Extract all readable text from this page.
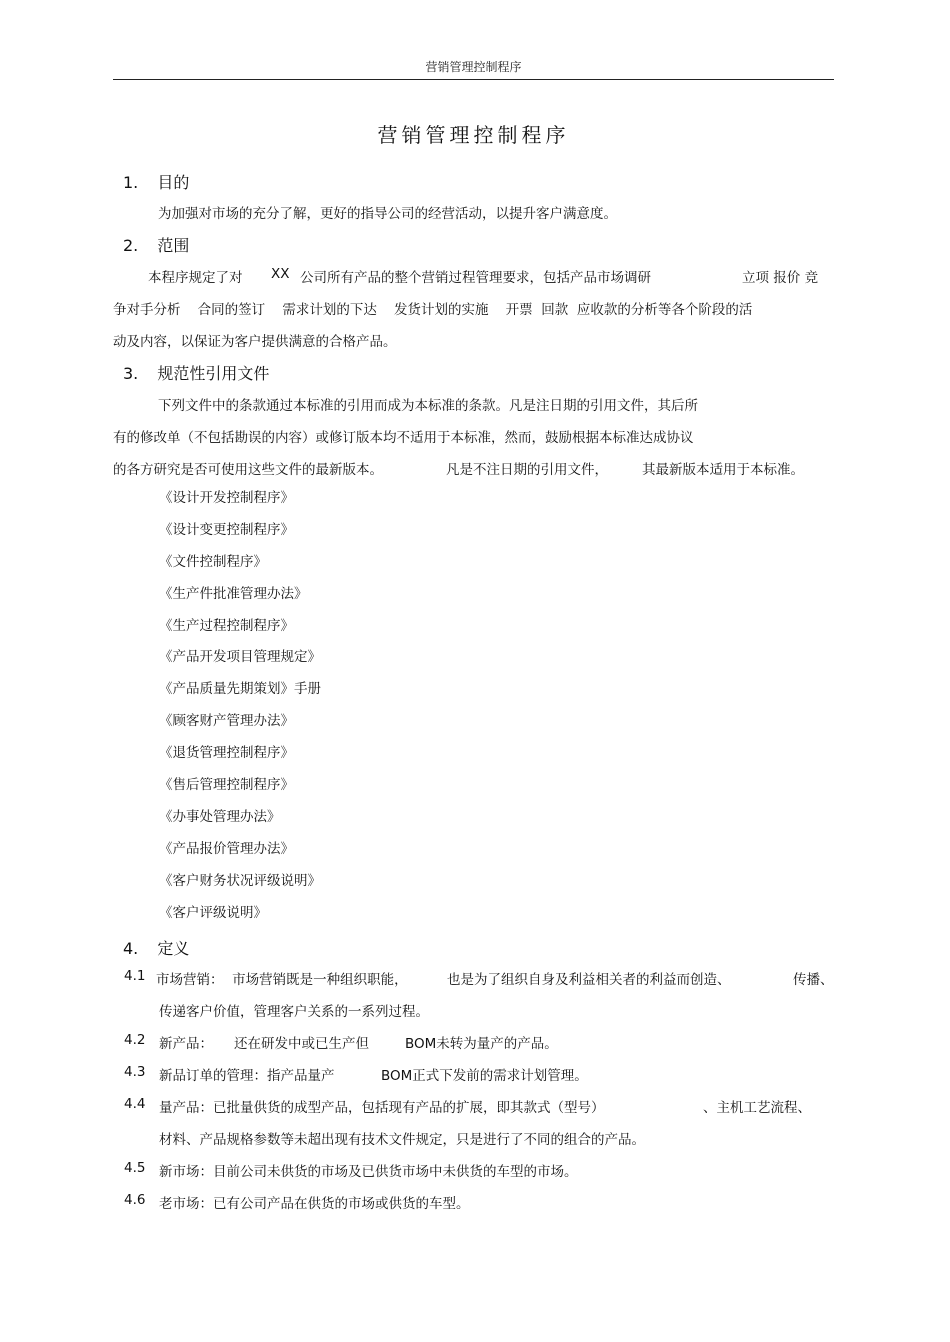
营销管理控制程序
营销管理控制程序
1. 目的
为加强对市场的充分了解，更好的指导公司的经营活动，以提升客户满意度。
2. 范围
本程序规定了对 XX 公司所有产品的整个营销过程管理要求，包括产品市场调研	立项 报价 竞
争对手分析    合同的签订    需求计划的下达    发货计划的实施    开票  回款  应收款的分析等各个阶段的活
动及内容，以保证为客户提供满意的合格产品。
3. 规范性引用文件
下列文件中的条款通过本标准的引用而成为本标准的条款。凡是注日期的引用文件，其后所
有的修改单（不包括勘误的内容）或修订版本均不适用于本标准，然而，鼓励根据本标准达成协议
的各方研究是否可使用这些文件的最新版本。	凡是不注日期的引用文件，	其最新版本适用于本标准。
《设计开发控制程序》
《设计变更控制程序》
《文件控制程序》
《生产件批准管理办法》
《生产过程控制程序》
《产品开发项目管理规定》
《产品质量先期策划》手册
《顾客财产管理办法》
《退货管理控制程序》
《售后管理控制程序》
《办事处管理办法》
《产品报价管理办法》
《客户财务状况评级说明》
《客户评级说明》
4. 定义
4.1 市场营销：  市场营销既是一种组织职能，	也是为了组织自身及利益相关者的利益而创造、	传播、
传递客户价值，管理客户关系的一系列过程。
4.2 新产品： 还在研发中或已生产但	BOM未转为量产的产品。
4.3 新品订单的管理：指产品量产	BOM正式下发前的需求计划管理。
4.4 量产品：已批量供货的成型产品，包括现有产品的扩展，即其款式（型号）	、主机工艺流程、
材料、产品规格参数等未超出现有技术文件规定，只是进行了不同的组合的产品。
4.5 新市场：目前公司未供货的市场及已供货市场中未供货的车型的市场。
4.6 老市场：已有公司产品在供货的市场或供货的车型。
